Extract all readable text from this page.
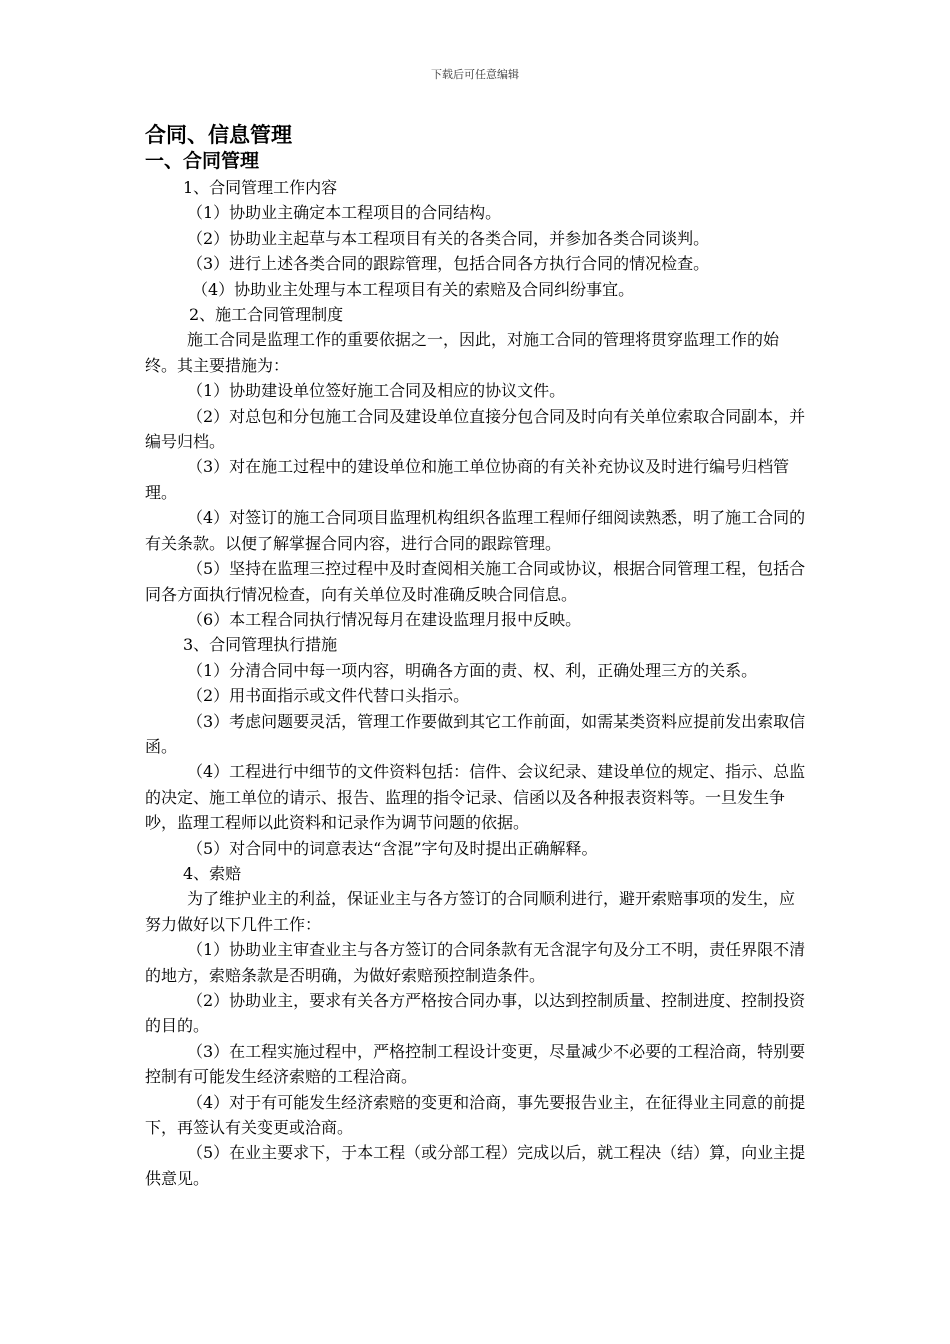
下载后可任意编辑
合同、信息管理
一、合同管理

1、合同管理工作内容

（1）协助业主确定本工程项目的合同结构。

（2）协助业主起草与本工程项目有关的各类合同，并参加各类合同谈判。

（3）进行上述各类合同的跟踪管理，包括合同各方执行合同的情况检查。

（4）协助业主处理与本工程项目有关的索赔及合同纠纷事宜。

2、施工合同管理制度

施工合同是监理工作的重要依据之一，因此，对施工合同的管理将贯穿监理工作的始终。其主要措施为：

（1）协助建设单位签好施工合同及相应的协议文件。

（2）对总包和分包施工合同及建设单位直接分包合同及时向有关单位索取合同副本，并编号归档。

（3）对在施工过程中的建设单位和施工单位协商的有关补充协议及时进行编号归档管理。

（4）对签订的施工合同项目监理机构组织各监理工程师仔细阅读熟悉，明了施工合同的有关条款。以便了解掌握合同内容，进行合同的跟踪管理。

（5）坚持在监理三控过程中及时查阅相关施工合同或协议，根据合同管理工程，包括合同各方面执行情况检查，向有关单位及时准确反映合同信息。

（6）本工程合同执行情况每月在建设监理月报中反映。

3、合同管理执行措施

（1）分清合同中每一项内容，明确各方面的责、权、利，正确处理三方的关系。

（2）用书面指示或文件代替口头指示。

（3）考虑问题要灵活，管理工作要做到其它工作前面，如需某类资料应提前发出索取信函。

（4）工程进行中细节的文件资料包括：信件、会议纪录、建设单位的规定、指示、总监的决定、施工单位的请示、报告、监理的指令记录、信函以及各种报表资料等。一旦发生争吵，监理工程师以此资料和记录作为调节问题的依据。

（5）对合同中的词意表达“含混”字句及时提出正确解释。

4、索赔

为了维护业主的利益，保证业主与各方签订的合同顺利进行，避开索赔事项的发生，应努力做好以下几件工作：

（1）协助业主审查业主与各方签订的合同条款有无含混字句及分工不明，责任界限不清的地方，索赔条款是否明确，为做好索赔预控制造条件。

（2）协助业主，要求有关各方严格按合同办事，以达到控制质量、控制进度、控制投资的目的。

（3）在工程实施过程中，严格控制工程设计变更，尽量减少不必要的工程洽商，特别要控制有可能发生经济索赔的工程洽商。

（4）对于有可能发生经济索赔的变更和洽商，事先要报告业主，在征得业主同意的前提下，再签认有关变更或洽商。

（5）在业主要求下，于本工程（或分部工程）完成以后，就工程决（结）算，向业主提供意见。
